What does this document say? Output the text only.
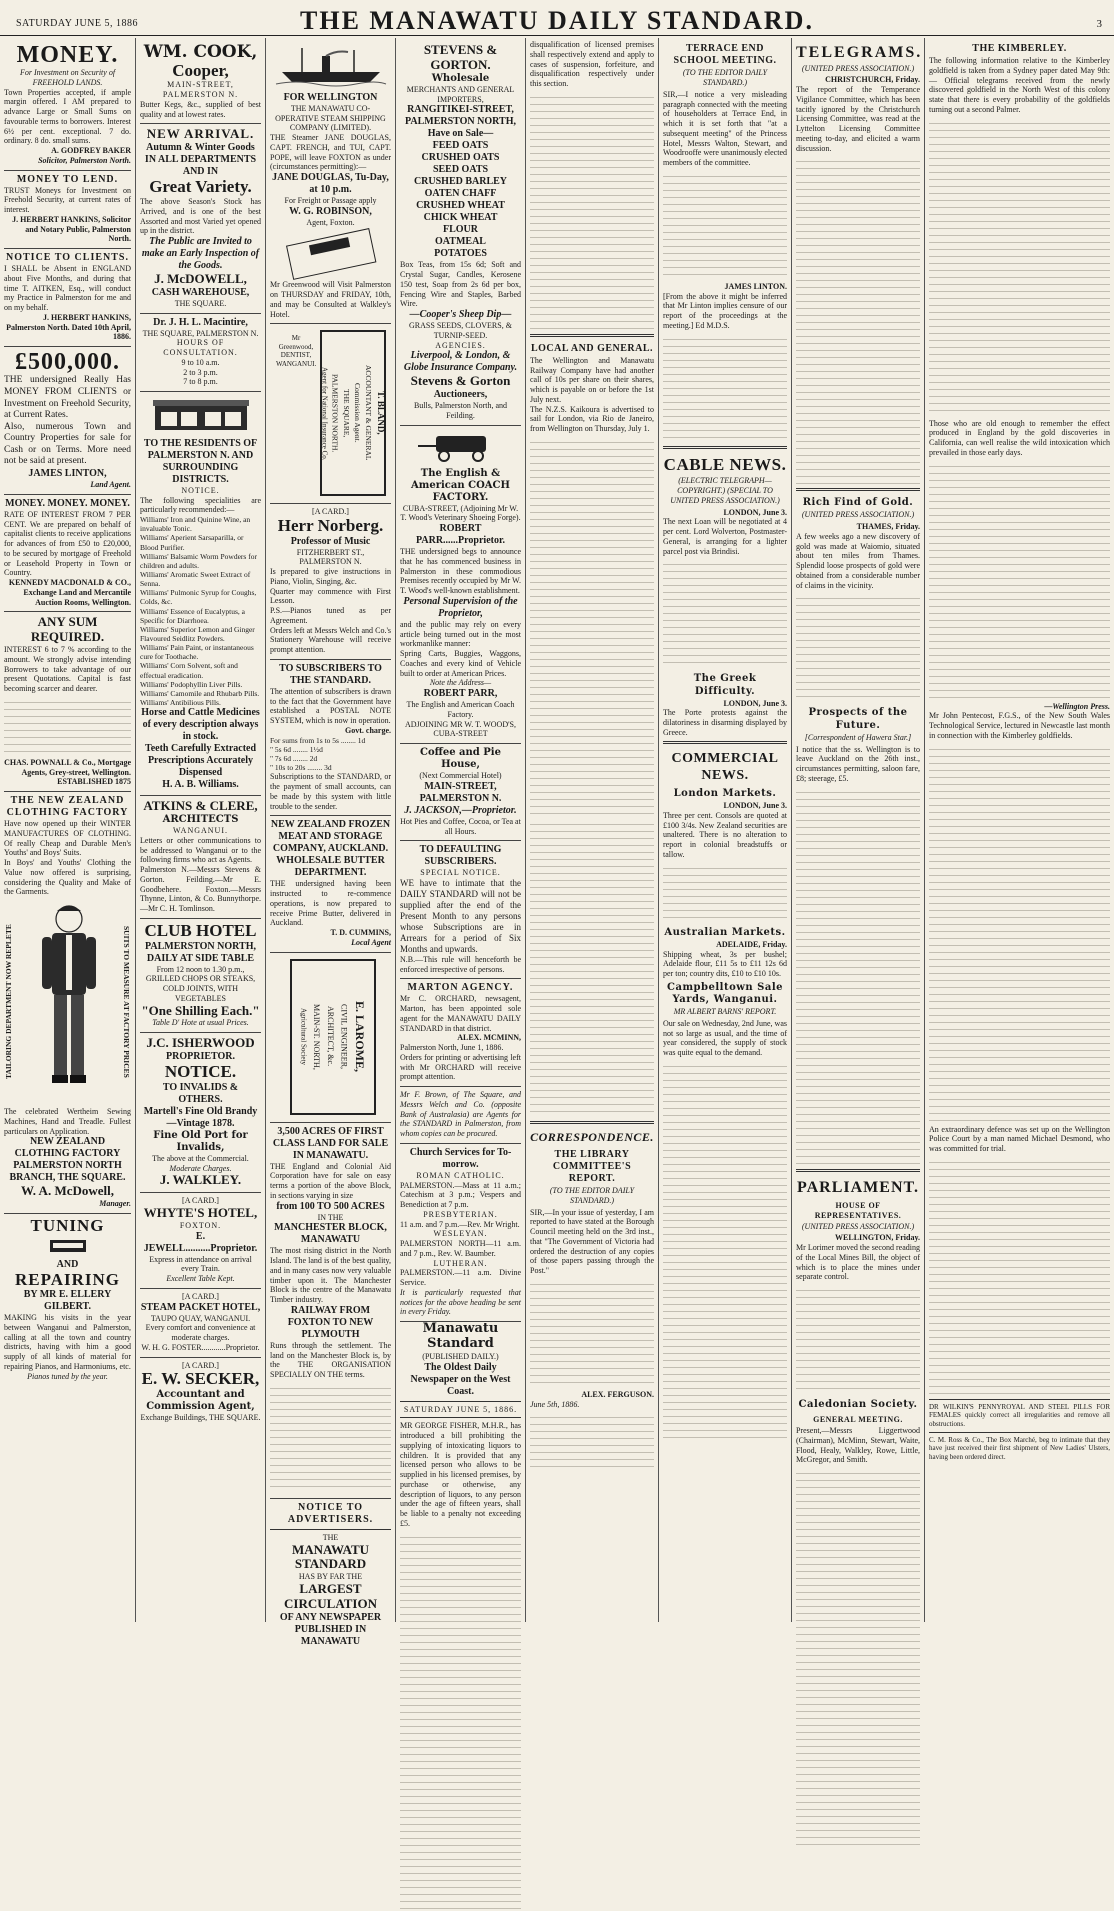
SATURDAY JUNE 5, 1886	THE MANAWATU DAILY STANDARD.	3
MONEY.
For Investment on Security of FREEHOLD LANDS.
Town Properties accepted, if ample margin offered. I AM prepared to advance Large or Small Sums on favourable terms to borrowers. Interest 6½ per cent. exceptional. 7 do. ordinary. 8 do. small sums.
A. GODFREY BAKER
Solicitor, Palmerston North.
MONEY TO LEND.
TRUST Moneys for Investment on Freehold Security, at current rates of interest.
J. HERBERT HANKINS, Solicitor and Notary Public, Palmerston North.
NOTICE TO CLIENTS.
I SHALL be Absent in ENGLAND about Five Months, and during that time T. AITKEN, Esq., will conduct my Practice in Palmerston for me and on my behalf.
J. HERBERT HANKINS, Palmerston North. Dated 10th April, 1886.
£500,000.
THE undersigned Really Has MONEY FROM CLIENTS or Investment on Freehold Security, at Current Rates.
Also, numerous Town and Country Properties for sale for Cash or on Terms. More need not be said at present.
JAMES LINTON,
Land Agent.
MONEY. MONEY. MONEY.
RATE OF INTEREST FROM 7 PER CENT. We are prepared on behalf of capitalist clients to receive applications for advances of from £50 to £20,000, to be secured by mortgage of Freehold or Leasehold Property in Town or Country.
KENNEDY MACDONALD & CO., Exchange Land and Mercantile Auction Rooms, Wellington.
ANY SUM REQUIRED.
INTEREST 6 to 7 % according to the amount. We strongly advise intending Borrowers to take advantage of our present Quotations. Capital is fast becoming scarcer and dearer.
CHAS. POWNALL & Co., Mortgage Agents, Grey-street, Wellington. ESTABLISHED 1875
THE NEW ZEALAND CLOTHING FACTORY
Have now opened up their WINTER MANUFACTURES OF CLOTHING. Of really Cheap and Durable Men's Youths' and Boys' Suits.
In Boys' and Youths' Clothing the Value now offered is surprising, considering the Quality and Make of the Garments.
TAILORING DEPARTMENT NOW REPLETE	SUITS TO MEASURE AT FACTORY PRICES
The celebrated Wertheim Sewing Machines, Hand and Treadle. Fullest particulars on Application.
NEW ZEALAND CLOTHING FACTORY PALMERSTON NORTH BRANCH, THE SQUARE.
W. A. McDowell,
Manager.
TUNING
AND
REPAIRING
BY MR E. ELLERY GILBERT.
MAKING his visits in the year between Wanganui and Palmerston, calling at all the town and country districts, having with him a good supply of all kinds of material for repairing Pianos, and Harmoniums, etc.
Pianos tuned by the year.
WM. COOK,
Cooper,
MAIN-STREET, PALMERSTON N.
Butter Kegs, &c., supplied of best quality and at lowest rates.
NEW ARRIVAL.
Autumn & Winter Goods IN ALL DEPARTMENTS AND IN
Great Variety.
The above Season's Stock has Arrived, and is one of the best Assorted and most Varied yet opened up in the district.
The Public are Invited to make an Early Inspection of the Goods.
J. McDOWELL,
CASH WAREHOUSE,
THE SQUARE.
Dr. J. H. L. Macintire,
THE SQUARE, PALMERSTON N.
HOURS OF CONSULTATION.
9 to 10 a.m.
2 to 3 p.m.
7 to 8 p.m.
TO THE RESIDENTS OF PALMERSTON N. AND SURROUNDING DISTRICTS.
NOTICE.
The following specialities are particularly recommended:—
Williams' Iron and Quinine Wine, an invaluable Tonic.
Williams' Aperient Sarsaparilla, or Blood Purifier.
Williams' Balsamic Worm Powders for children and adults.
Williams' Aromatic Sweet Extract of Senna.
Williams' Pulmonic Syrup for Coughs, Colds, &c.
Williams' Essence of Eucalyptus, a Specific for Diarrhoea.
Williams' Superior Lemon and Ginger Flavoured Seidlitz Powders.
Williams' Pain Paint, or instantaneous cure for Toothache.
Williams' Corn Solvent, soft and effectual eradication.
Williams' Podophyllin Liver Pills.
Williams' Camomile and Rhubarb Pills.
Williams' Antibilious Pills.
Horse and Cattle Medicines of every description always in stock.
Teeth Carefully Extracted
Prescriptions Accurately Dispensed
H. A. B. Williams.
ATKINS & CLERE,
ARCHITECTS
WANGANUI.
Letters or other communications to be addressed to Wanganui or to the following firms who act as Agents.
Palmerston N.—Messrs Stevens & Gorton. Feilding.—Mr E. Goodbehere. Foxton.—Messrs Thynne, Linton, & Co. Bunnythorpe.—Mr C. H. Tomlinson.
CLUB HOTEL
PALMERSTON NORTH,
DAILY AT SIDE TABLE
From 12 noon to 1.30 p.m., GRILLED CHOPS OR STEAKS, COLD JOINTS, WITH VEGETABLES
"One Shilling Each."
Table D' Hote at usual Prices.
J.C. ISHERWOOD
PROPRIETOR.
NOTICE.
TO INVALIDS & OTHERS.
Martell's Fine Old Brandy—Vintage 1878.
Fine Old Port for Invalids,
The above at the Commercial.
Moderate Charges.
J. WALKLEY.
[A CARD.]
WHYTE'S HOTEL,
FOXTON.
E. JEWELL..........Proprietor.
Express in attendance on arrival every Train.
Excellent Table Kept.
[A CARD.]
STEAM PACKET HOTEL,
TAUPO QUAY, WANGANUI.
Every comfort and convenience at moderate charges.
W. H. G. FOSTER............Proprietor.
[A CARD.]
E. W. SECKER,
Accountant and Commission Agent,
Exchange Buildings, THE SQUARE.
FOR WELLINGTON
THE MANAWATU CO-OPERATIVE STEAM SHIPPING COMPANY (LIMITED).
THE Steamer JANE DOUGLAS, CAPT. FRENCH, and TUI, CAPT. POPE, will leave FOXTON as under (circumstances permitting):—
JANE DOUGLAS, Tu-Day, at 10 p.m.
For Freight or Passage apply
W. G. ROBINSON,
Agent, Foxton.
Mr Greenwood will Visit Palmerston on THURSDAY and FRIDAY, 10th, and may be Consulted at Walkley's Hotel.
Mr Greenwood, DENTIST, WANGANUI.
T. BLAND,
ACCOUNTANT & GENERAL
Commission Agent.
THE SQUARE,
PALMERSTON NORTH.
Agent for National Insurance Co.
[A CARD.]
Herr Norberg.
Professor of Music
FITZHERBERT ST., PALMERSTON N.
Is prepared to give instructions in Piano, Violin, Singing, &c.
Quarter may commence with First Lesson.
P.S.—Pianos tuned as per Agreement.
Orders left at Messrs Welch and Co.'s Stationery Warehouse will receive prompt attention.
TO SUBSCRIBERS TO THE STANDARD.
The attention of subscribers is drawn to the fact that the Government have established a POSTAL NOTE SYSTEM, which is now in operation.
Govt. charge.
For sums from 1s to 5s ........ 1d
" 5s 6d ........ 1½d
" 7s 6d ........ 2d
" 10s to 20s ........ 3d
Subscriptions to the STANDARD, or the payment of small accounts, can be made by this system with little trouble to the sender.
NEW ZEALAND FROZEN MEAT AND STORAGE COMPANY, AUCKLAND.
WHOLESALE BUTTER DEPARTMENT.
THE undersigned having been instructed to re-commence operations, is now prepared to receive Prime Butter, delivered in Auckland.
T. D. CUMMINS,
Local Agent
E. LAROME,
CIVIL ENGINEER,
ARCHITECT, &c.
MAIN-ST. NORTH,
Agricultural Society
3,500 ACRES OF FIRST CLASS LAND FOR SALE IN MANAWATU.
THE England and Colonial Aid Corporation have for sale on easy terms a portion of the above Block, in sections varying in size
from 100 TO 500 ACRES
IN THE
MANCHESTER BLOCK, MANAWATU
The most rising district in the North Island. The land is of the best quality, and in many cases now very valuable timber upon it. The Manchester Block is the centre of the Manawatu Timber industry.
RAILWAY FROM FOXTON TO NEW PLYMOUTH
Runs through the settlement. The land on the Manchester Block is, by the THE ORGANISATION SPECIALLY ON THE terms.
NOTICE TO ADVERTISERS.
THE
MANAWATU STANDARD
HAS BY FAR THE
LARGEST CIRCULATION
OF ANY NEWSPAPER
PUBLISHED IN MANAWATU
STEVENS & GORTON.
Wholesale
MERCHANTS AND GENERAL IMPORTERS,
RANGITIKEI-STREET, PALMERSTON NORTH,
Have on Sale—
FEED OATS
CRUSHED OATS
SEED OATS
CRUSHED BARLEY
OATEN CHAFF
CRUSHED WHEAT
CHICK WHEAT
FLOUR
OATMEAL
POTATOES
Box Teas, from 15s 6d; Soft and Crystal Sugar, Candles, Kerosene 150 test, Soap from 2s 6d per box, Fencing Wire and Staples, Barbed Wire.
—Cooper's Sheep Dip—
GRASS SEEDS, CLOVERS, & TURNIP-SEED.
AGENCIES.
Liverpool, & London, & Globe Insurance Company.
Stevens & Gorton
Auctioneers,
Bulls, Palmerston North, and Feilding.
The English & American COACH FACTORY.
CUBA-STREET, (Adjoining Mr W. T. Wood's Veterinary Shoeing Forge).
ROBERT PARR......Proprietor.
THE undersigned begs to announce that he has commenced business in Palmerston in these commodious Premises recently occupied by Mr W. T. Wood's well-known establishment.
Personal Supervision of the Proprietor,
and the public may rely on every article being turned out in the most workmanlike manner:
Spring Carts, Buggies, Waggons, Coaches and every kind of Vehicle built to order at American Prices.
Note the Address—
ROBERT PARR,
The English and American Coach Factory.
ADJOINING MR W. T. WOOD'S, CUBA-STREET
Coffee and Pie House,
(Next Commercial Hotel)
MAIN-STREET, PALMERSTON N.
J. JACKSON,—Proprietor.
Hot Pies and Coffee, Cocoa, or Tea at all Hours.
TO DEFAULTING SUBSCRIBERS.
SPECIAL NOTICE.
WE have to intimate that the DAILY STANDARD will not be supplied after the end of the Present Month to any persons whose Subscriptions are in Arrears for a period of Six Months and upwards.
N.B.—This rule will henceforth be enforced irrespective of persons.
MARTON AGENCY.
Mr C. ORCHARD, newsagent, Marton, has been appointed sole agent for the MANAWATU DAILY STANDARD in that district.
ALEX. MCMINN,
Palmerston North, June 1, 1886.
Orders for printing or advertising left with Mr ORCHARD will receive prompt attention.
Mr F. Brown, of The Square, and Messrs Welch and Co. (opposite Bank of Australasia) are Agents for the STANDARD in Palmerston, from whom copies can be procured.
Church Services for To-morrow.
ROMAN CATHOLIC.
PALMERSTON.—Mass at 11 a.m.; Catechism at 3 p.m.; Vespers and Benediction at 7 p.m.
PRESBYTERIAN.
11 a.m. and 7 p.m.—Rev. Mr Wright.
WESLEYAN.
PALMERSTON NORTH—11 a.m. and 7 p.m., Rev. W. Baumber.
LUTHERAN.
PALMERSTON.—11 a.m. Divine Service.
It is particularly requested that notices for the above heading be sent in every Friday.
Manawatu Standard
(PUBLISHED DAILY.)
The Oldest Daily Newspaper on the West Coast.
SATURDAY JUNE 5, 1886.
MR GEORGE FISHER, M.H.R., has introduced a bill prohibiting the supplying of intoxicating liquors to children. It is provided that any licensed person who allows to be supplied in his licensed premises, by purchase or otherwise, any description of liquors, to any person under the age of fifteen years, shall be liable to a penalty not exceeding £5.
disqualification of licensed premises shall respectively extend and apply to cases of suspension, forfeiture, and disqualification respectively under this section.
LOCAL AND GENERAL.
The Wellington and Manawatu Railway Company have had another call of 10s per share on their shares, which is payable on or before the 1st July next.
The N.Z.S. Kaikoura is advertised to sail for London, via Rio de Janeiro, from Wellington on Thursday, July 1.
CORRESPONDENCE.
THE LIBRARY COMMITTEE'S REPORT.
(TO THE EDITOR DAILY STANDARD.)
SIR,—In your issue of yesterday, I am reported to have stated at the Borough Council meeting held on the 3rd inst., that "The Government of Victoria had ordered the destruction of any copies of those papers passing through the Post."
ALEX. FERGUSON.
June 5th, 1886.
TERRACE END SCHOOL MEETING.
(TO THE EDITOR DAILY STANDARD.)
SIR,—I notice a very misleading paragraph connected with the meeting of householders at Terrace End, in which it is set forth that "at a subsequent meeting" of the Princess Hotel, Messrs Walton, Stewart, and Woodrooffe were unanimously elected members of the committee.
JAMES LINTON.
[From the above it might be inferred that Mr Linton implies censure of our report of the proceedings at the meeting.] Ed M.D.S.
CABLE NEWS.
(ELECTRIC TELEGRAPH—COPYRIGHT.) (SPECIAL TO UNITED PRESS ASSOCIATION.)
LONDON, June 3.
The next Loan will be negotiated at 4 per cent. Lord Wolverton, Postmaster-General, is arranging for a lighter parcel post via Brindisi.
The Greek Difficulty.
LONDON, June 3.
The Porte protests against the dilatoriness in disarming displayed by Greece.
COMMERCIAL NEWS.
London Markets.
LONDON, June 3.
Three per cent. Consols are quoted at £100 3/4s. New Zealand securities are unaltered. There is no alteration to report in colonial breadstuffs or tallow.
Australian Markets.
ADELAIDE, Friday.
Shipping wheat, 3s per bushel; Adelaide flour, £11 5s to £11 12s 6d per ton; country dits, £10 to £10 10s.
Campbelltown Sale Yards, Wanganui.
MR ALBERT BARNS' REPORT.
Our sale on Wednesday, 2nd June, was not so large as usual, and the time of year considered, the supply of stock was quite equal to the demand.
TELEGRAMS.
(UNITED PRESS ASSOCIATION.)
CHRISTCHURCH, Friday.
The report of the Temperance Vigilance Committee, which has been tacitly ignored by the Christchurch Licensing Committee, was read at the Lyttelton Licensing Committee meeting to-day, and elicited a warm discussion.
Rich Find of Gold.
(UNITED PRESS ASSOCIATION.)
THAMES, Friday.
A few weeks ago a new discovery of gold was made at Waiomio, situated about ten miles from Thames. Splendid loose prospects of gold were obtained from a considerable number of claims in the vicinity.
Prospects of the Future.
[Correspondent of Hawera Star.]
I notice that the ss. Wellington is to leave Auckland on the 26th inst., circumstances permitting, saloon fare, £8; steerage, £5.
PARLIAMENT.
HOUSE OF REPRESENTATIVES.
(UNITED PRESS ASSOCIATION.)
WELLINGTON, Friday.
Mr Lorimer moved the second reading of the Local Mines Bill, the object of which is to place the mines under separate control.
Caledonian Society.
GENERAL MEETING.
Present,—Messrs Liggertwood (Chairman), McMinn, Stewart, Waite, Flood, Healy, Walkley, Rowe, Little, McGregor, and Smith.
THE KIMBERLEY.
The following information relative to the Kimberley goldfield is taken from a Sydney paper dated May 9th:— Official telegrams received from the newly discovered goldfield in the North West of this colony state that there is every probability of the goldfields turning out a second Palmer.
Those who are old enough to remember the effect produced in England by the gold discoveries in California, can well realise the wild intoxication which prevailed in those early days.
—Wellington Press.
Mr John Pentecost, F.G.S., of the New South Wales Technological Service, lectured in Newcastle last month in connection with the Kimberley goldfields.
An extraordinary defence was set up on the Wellington Police Court by a man named Michael Desmond, who was committed for trial.
DR WILKIN'S PENNYROYAL AND STEEL PILLS FOR FEMALES quickly correct all irregularities and remove all obstructions.
C. M. Ross & Co., The Box Marché, beg to intimate that they have just received their first shipment of New Ladies' Ulsters, having been ordered direct.
